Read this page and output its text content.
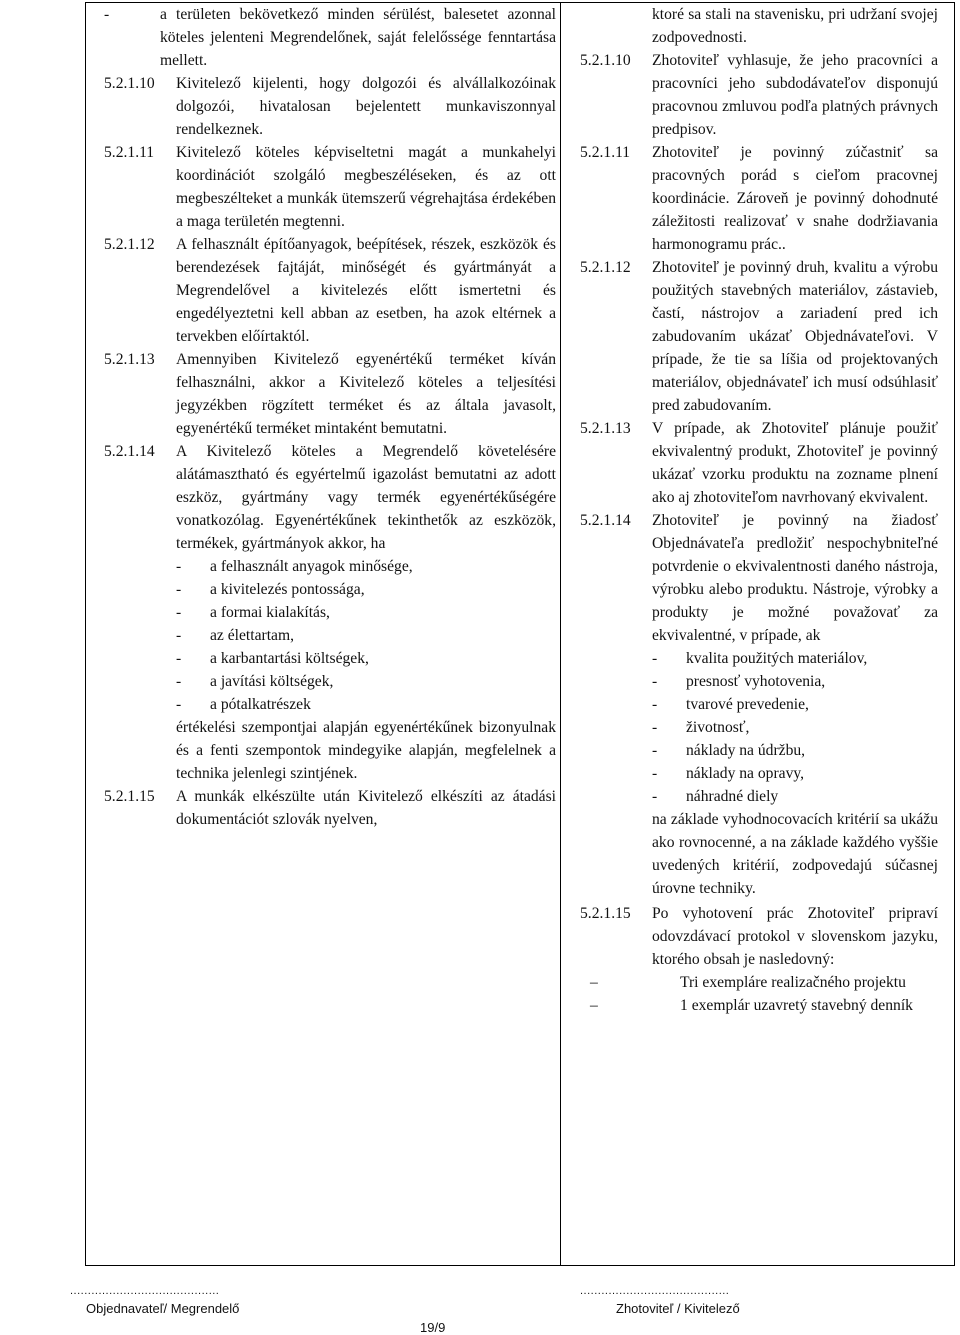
-	a területen bekövetkező minden sérülést, balesetet azonnal köteles jelenteni Megrendelőnek, saját felelőssége fenntartása mellett.
5.2.1.10 Kivitelező kijelenti, hogy dolgozói és alvállalkozóinak dolgozói, hivatalosan bejelentett munkaviszonnyal rendelkeznek.
5.2.1.11 Kivitelező köteles képviseltetni magát a munkahelyi koordinációt szolgáló megbeszéléseken, és az ott megbeszélteket a munkák ütemszerű végrehajtása érdekében a maga területén megtenni.
5.2.1.12 A felhasznált építőanyagok, beépítések, részek, eszközök és berendezések fajtáját, minőségét és gyártmányát a Megrendelővel a kivitelezés előtt ismertetni és engedélyeztetni kell abban az esetben, ha azok eltérnek a tervekben előírtaktól.
5.2.1.13 Amennyiben Kivitelező egyenértékű terméket kíván felhasználni, akkor a Kivitelező köteles a teljesítési jegyzékben rögzített terméket és az általa javasolt, egyenértékű terméket mintaként bemutatni.
5.2.1.14 A Kivitelező köteles a Megrendelő követelésére alátámasztható és egyértelmű igazolást bemutatni az adott eszköz, gyártmány vagy termék egyenértékűségére vonatkozólag. Egyenértékűnek tekinthetők az eszközök, termékek, gyártmányok akkor, ha
- a felhasznált anyagok minősége,
- a kivitelezés pontossága,
- a formai kialakítás,
- az élettartam,
- a karbantartási költségek,
- a javítási költségek,
- a pótalkatrészek
értékelési szempontjai alapján egyenértékűnek bizonyulnak és a fenti szempontok mindegyike alapján, megfelelnek a technika jelenlegi szintjének.
5.2.1.15 A munkák elkészülte után Kivitelező elkészíti az átadási dokumentációt szlovák nyelven,
ktoré sa stali na stavenisku, pri udržaní svojej zodpovednosti.
5.2.1.10 Zhotoviteľ vyhlasuje, že jeho pracovníci a pracovníci jeho subdodávateľov disponujú pracovnou zmluvou podľa platných právnych predpisov.
5.2.1.11 Zhotoviteľ je povinný zúčastniť sa pracovných porád s cieľom pracovnej koordinácie. Zároveň je povinný dohodnuté záležitosti realizovať v snahe dodržiavania harmonogramu prác..
5.2.1.12 Zhotoviteľ je povinný druh, kvalitu a výrobu použitých stavebných materiálov, zástavieb, častí, nástrojov a zariadení pred ich zabudovaním ukázať Objednávateľovi. V prípade, že tie sa líšia od projektovaných materiálov, objednávateľ ich musí odsúhlasiť pred zabudovaním.
5.2.1.13 V prípade, ak Zhotoviteľ plánuje použiť ekvivalentný produkt, Zhotoviteľ je povinný ukázať vzorku produktu na zozname plnení ako aj zhotoviteľom navrhovaný ekvivalent.
5.2.1.14 Zhotoviteľ je povinný na žiadosť Objednávateľa predložiť nespochybniteľné potvrdenie o ekvivalentnosti daného nástroja, výrobku alebo produktu. Nástroje, výrobky a produkty je možné považovať za ekvivalentné, v prípade, ak
- kvalita použitých materiálov,
- presnosť vyhotovenia,
- tvarové prevedenie,
- životnosť,
- náklady na údržbu,
- náklady na opravy,
- náhradné diely
na základe vyhodnocovacích kritérií sa ukážu ako rovnocenné, a na základe každého vyššie uvedených kritérií, zodpovedajú súčasnej úrovne techniky.
5.2.1.15 Po vyhotovení prác Zhotoviteľ pripraví odovzdávací protokol v slovenskom jazyku, ktorého obsah je nasledovný:
–	Tri exempláre realizačného projektu
–	1 exemplár uzavretý stavebný denník
..........................................
Objednavateľ/ Megrendelő
..........................................
Zhotoviteľ / Kivitelező
19/9
